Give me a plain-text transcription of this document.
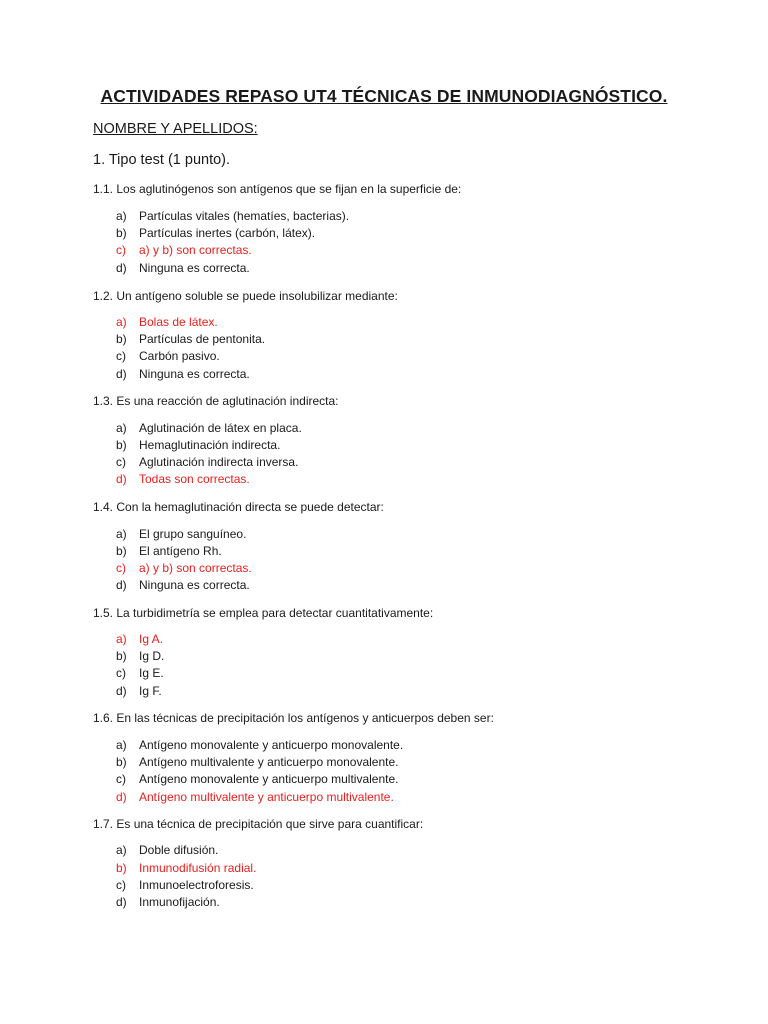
ACTIVIDADES REPASO UT4 TÉCNICAS DE INMUNODIAGNÓSTICO.
NOMBRE Y APELLIDOS:
1. Tipo test (1 punto).
1.1. Los aglutinógenos son antígenos que se fijan en la superficie de:
a) Partículas vitales (hematíes, bacterias).
b) Partículas inertes (carbón, látex).
c) a) y b) son correctas.
d) Ninguna es correcta.
1.2. Un antígeno soluble se puede insolubilizar mediante:
a) Bolas de látex.
b) Partículas de pentonita.
c) Carbón pasivo.
d) Ninguna es correcta.
1.3. Es una reacción de aglutinación indirecta:
a) Aglutinación de látex en placa.
b) Hemaglutinación indirecta.
c) Aglutinación indirecta inversa.
d) Todas son correctas.
1.4. Con la hemaglutinación directa se puede detectar:
a) El grupo sanguíneo.
b) El antígeno Rh.
c) a) y b) son correctas.
d) Ninguna es correcta.
1.5. La turbidimetría se emplea para detectar cuantitativamente:
a) Ig A.
b) Ig D.
c) Ig E.
d) Ig F.
1.6. En las técnicas de precipitación los antígenos y anticuerpos deben ser:
a) Antígeno monovalente y anticuerpo monovalente.
b) Antígeno multivalente y anticuerpo monovalente.
c) Antígeno monovalente y anticuerpo multivalente.
d) Antígeno multivalente y anticuerpo multivalente.
1.7. Es una técnica de precipitación que sirve para cuantificar:
a) Doble difusión.
b) Inmunodifusión radial.
c) Inmunoelectroforesis.
d) Inmunofijación.
